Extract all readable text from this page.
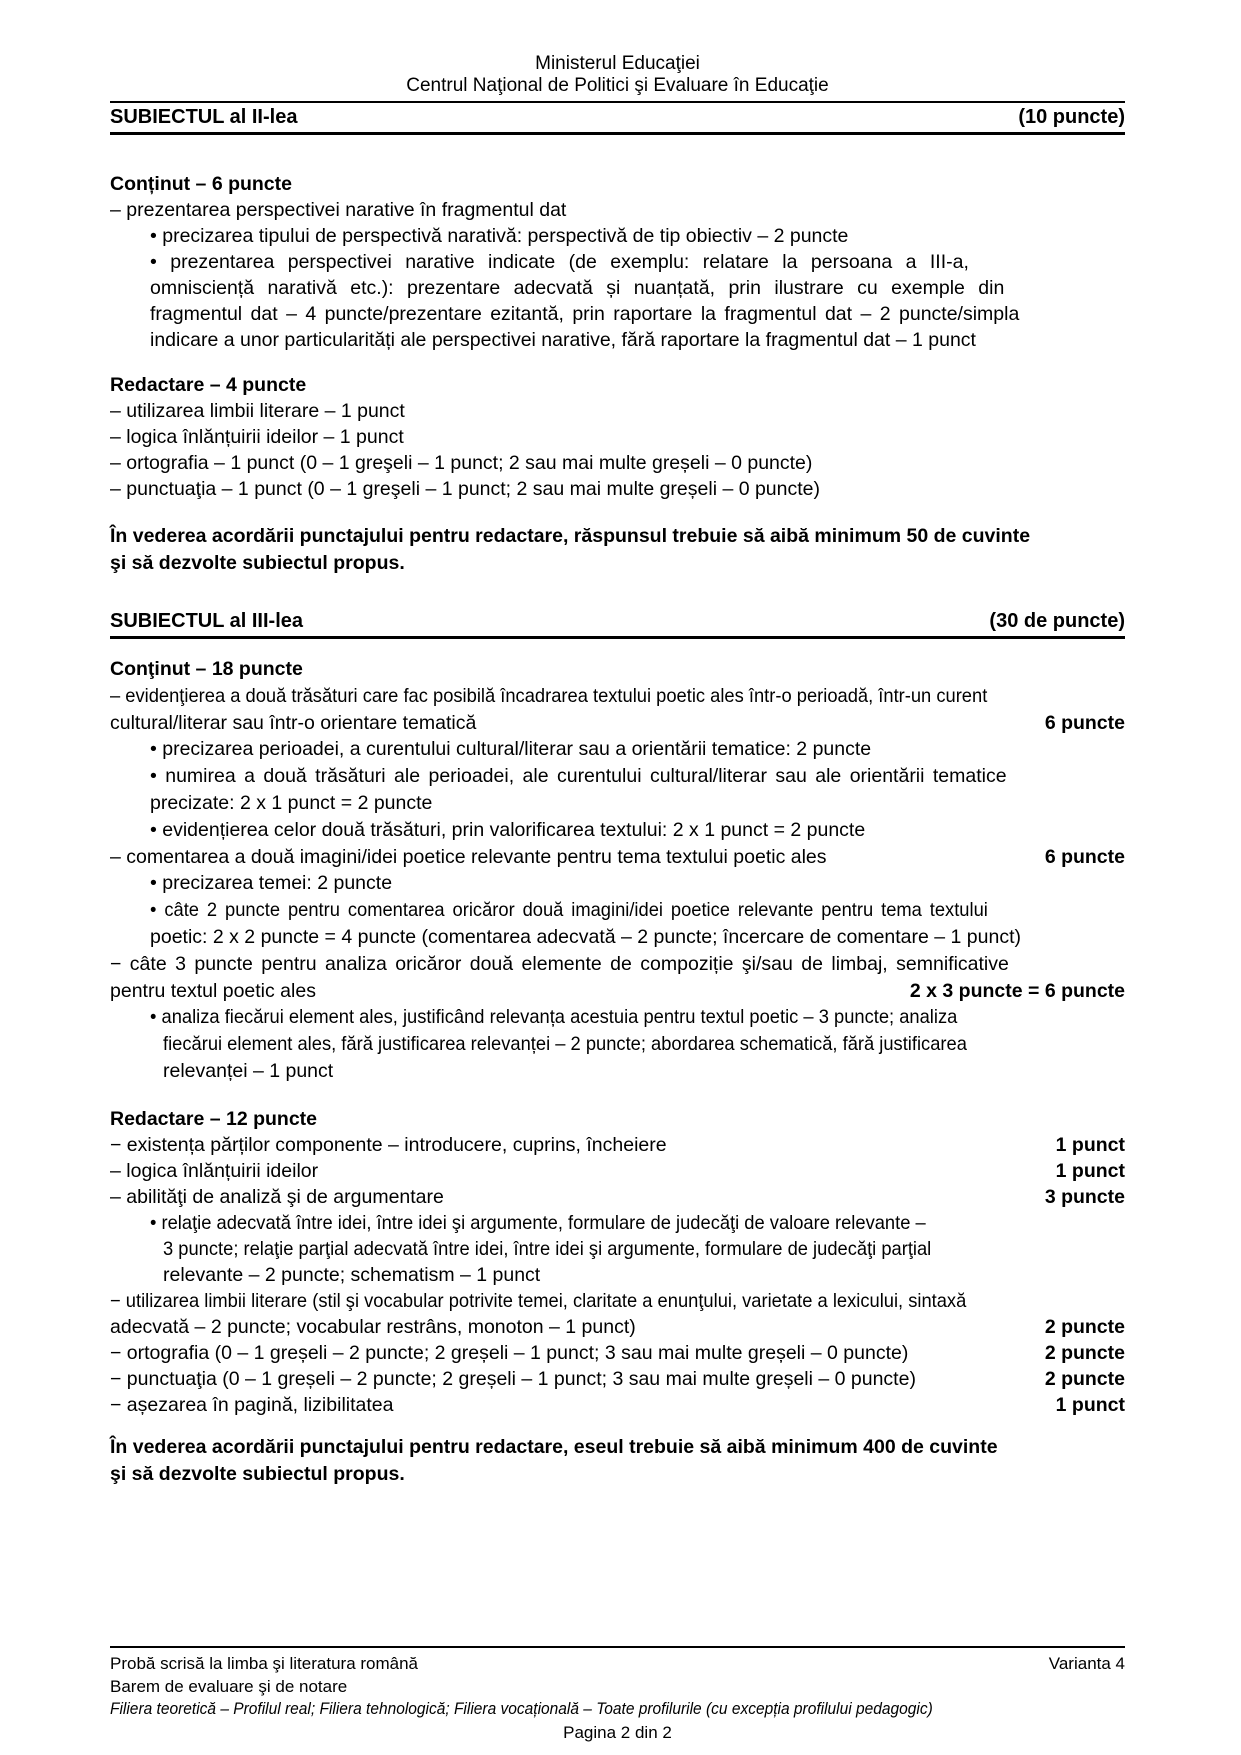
Ministerul Educaţiei
Centrul Naţional de Politici şi Evaluare în Educaţie
SUBIECTUL al II-lea	(10 puncte)
Conținut – 6 puncte
– prezentarea perspectivei narative în fragmentul dat
• precizarea tipului de perspectivă narativă: perspectivă de tip obiectiv – 2 puncte
• prezentarea perspectivei narative indicate (de exemplu: relatare la persoana a III-a,
omnisciență narativă etc.): prezentare adecvată și nuanțată, prin ilustrare cu exemple din
fragmentul dat – 4 puncte/prezentare ezitantă, prin raportare la fragmentul dat – 2 puncte/simpla
indicare a unor particularități ale perspectivei narative, fără raportare la fragmentul dat – 1 punct
Redactare – 4 puncte
– utilizarea limbii literare – 1 punct
– logica înlănțuirii ideilor – 1 punct
– ortografia – 1 punct (0 – 1 greşeli – 1 punct; 2 sau mai multe greșeli – 0 puncte)
– punctuaţia – 1 punct (0 – 1 greşeli – 1 punct; 2 sau mai multe greșeli – 0 puncte)
În vederea acordării punctajului pentru redactare, răspunsul trebuie să aibă minimum 50 de cuvinte
şi să dezvolte subiectul propus.
SUBIECTUL al III-lea	(30 de puncte)
Conţinut – 18 puncte
– evidenţierea a două trăsături care fac posibilă încadrarea textului poetic ales într-o perioadă, într-un curent
cultural/literar sau într-o orientare tematică	6 puncte
• precizarea perioadei, a curentului cultural/literar sau a orientării tematice: 2 puncte
• numirea a două trăsături ale perioadei, ale curentului cultural/literar sau ale orientării tematice
precizate: 2 x 1 punct = 2 puncte
• evidențierea celor două trăsături, prin valorificarea textului: 2 x 1 punct = 2 puncte
– comentarea a două imagini/idei poetice relevante pentru tema textului poetic ales	6 puncte
• precizarea temei: 2 puncte
• câte 2 puncte pentru comentarea oricăror două imagini/idei poetice relevante pentru tema textului
poetic: 2 x 2 puncte = 4 puncte (comentarea adecvată – 2 puncte; încercare de comentare – 1 punct)
− câte 3 puncte pentru analiza oricăror două elemente de compoziție şi/sau de limbaj, semnificative
pentru textul poetic ales	2 x 3 puncte = 6 puncte
• analiza fiecărui element ales, justificând relevanța acestuia pentru textul poetic – 3 puncte; analiza
fiecărui element ales, fără justificarea relevanței – 2 puncte; abordarea schematică, fără justificarea
relevanței – 1 punct
Redactare – 12 puncte
− existența părților componente – introducere, cuprins, încheiere	1 punct
– logica înlănțuirii ideilor	1 punct
– abilităţi de analiză şi de argumentare	3 puncte
• relaţie adecvată între idei, între idei şi argumente, formulare de judecăţi de valoare relevante –
3 puncte; relaţie parţial adecvată între idei, între idei şi argumente, formulare de judecăţi parţial
relevante – 2 puncte; schematism – 1 punct
− utilizarea limbii literare (stil şi vocabular potrivite temei, claritate a enunţului, varietate a lexicului, sintaxă
adecvată – 2 puncte; vocabular restrâns, monoton – 1 punct)	2 puncte
− ortografia (0 – 1 greșeli – 2 puncte; 2 greșeli – 1 punct; 3 sau mai multe greșeli – 0 puncte)	2 puncte
− punctuaţia (0 – 1 greșeli – 2 puncte; 2 greșeli – 1 punct; 3 sau mai multe greșeli – 0 puncte)	2 puncte
− așezarea în pagină, lizibilitatea	1 punct
În vederea acordării punctajului pentru redactare, eseul trebuie să aibă minimum 400 de cuvinte
şi să dezvolte subiectul propus.
Probă scrisă la limba şi literatura română	Varianta 4
Barem de evaluare şi de notare
Filiera teoretică – Profilul real; Filiera tehnologică; Filiera vocațională – Toate profilurile (cu excepția profilului pedagogic)
Pagina 2 din 2
